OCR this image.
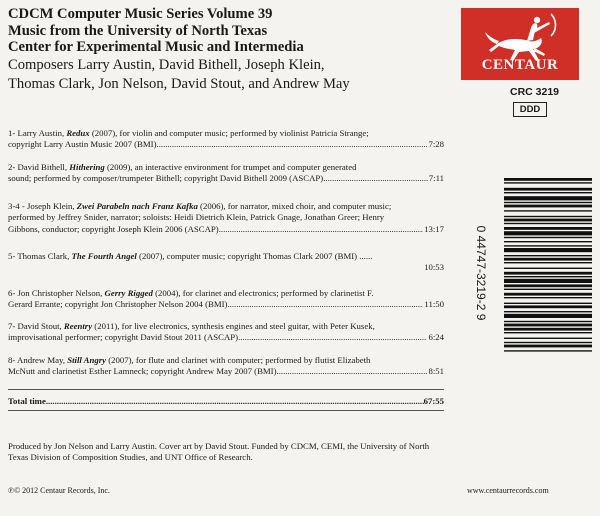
CDCM Computer Music Series Volume 39
Music from the University of North Texas
Center for Experimental Music and Intermedia
Composers Larry Austin, David Bithell, Joseph Klein,
Thomas Clark, Jon Nelson, David Stout, and Andrew May
CENTAUR
CRC 3219
DDD
1- Larry Austin, Redux (2007), for violin and computer music; performed by violinist Patricia Strange;
copyright Larry Austin Music 2007 (BMI) .....	7:28
2- David Bithell, Hithering (2009), an interactive environment for trumpet and computer generated
sound; performed by composer/trumpeter Bithell; copyright David Bithell 2009 (ASCAP) .....	7:11
3-4 - Joseph Klein, Zwei Parabeln nach Franz Kafka (2006), for narrator, mixed choir, and computer music;
performed by Jeffrey Snider, narrator; soloists: Heidi Dietrich Klein, Patrick Gnage, Jonathan Greer; Henry
Gibbons, conductor; copyright Joseph Klein 2006 (ASCAP) .....	13:17
5- Thomas Clark, The Fourth Angel (2007), computer music; copyright Thomas Clark 2007 (BMI) ......
10:53
6- Jon Christopher Nelson, Gerry Rigged (2004), for clarinet and electronics; performed by clarinetist F.
Gerard Errante; copyright Jon Christopher Nelson 2004 (BMI) .....	11:50
7- David Stout, Reentry (2011), for live electronics, synthesis engines and steel guitar, with Peter Kusek,
improvisational performer; copyright David Stout 2011 (ASCAP) .....	6:24
8- Andrew May, Still Angry (2007), for flute and clarinet with computer; performed by flutist Elizabeth
McNutt and clarinetist Esther Lamneck; copyright Andrew May 2007 (BMI) .....	8:51
Total time .....	67:55
Produced by Jon Nelson and Larry Austin. Cover art by David Stout. Funded by CDCM, CEMI, the University of North Texas Division of Composition Studies, and UNT Office of Research.
℗© 2012 Centaur Records, Inc.	www.centaurrecords.com
0 44747-3219-2 9
